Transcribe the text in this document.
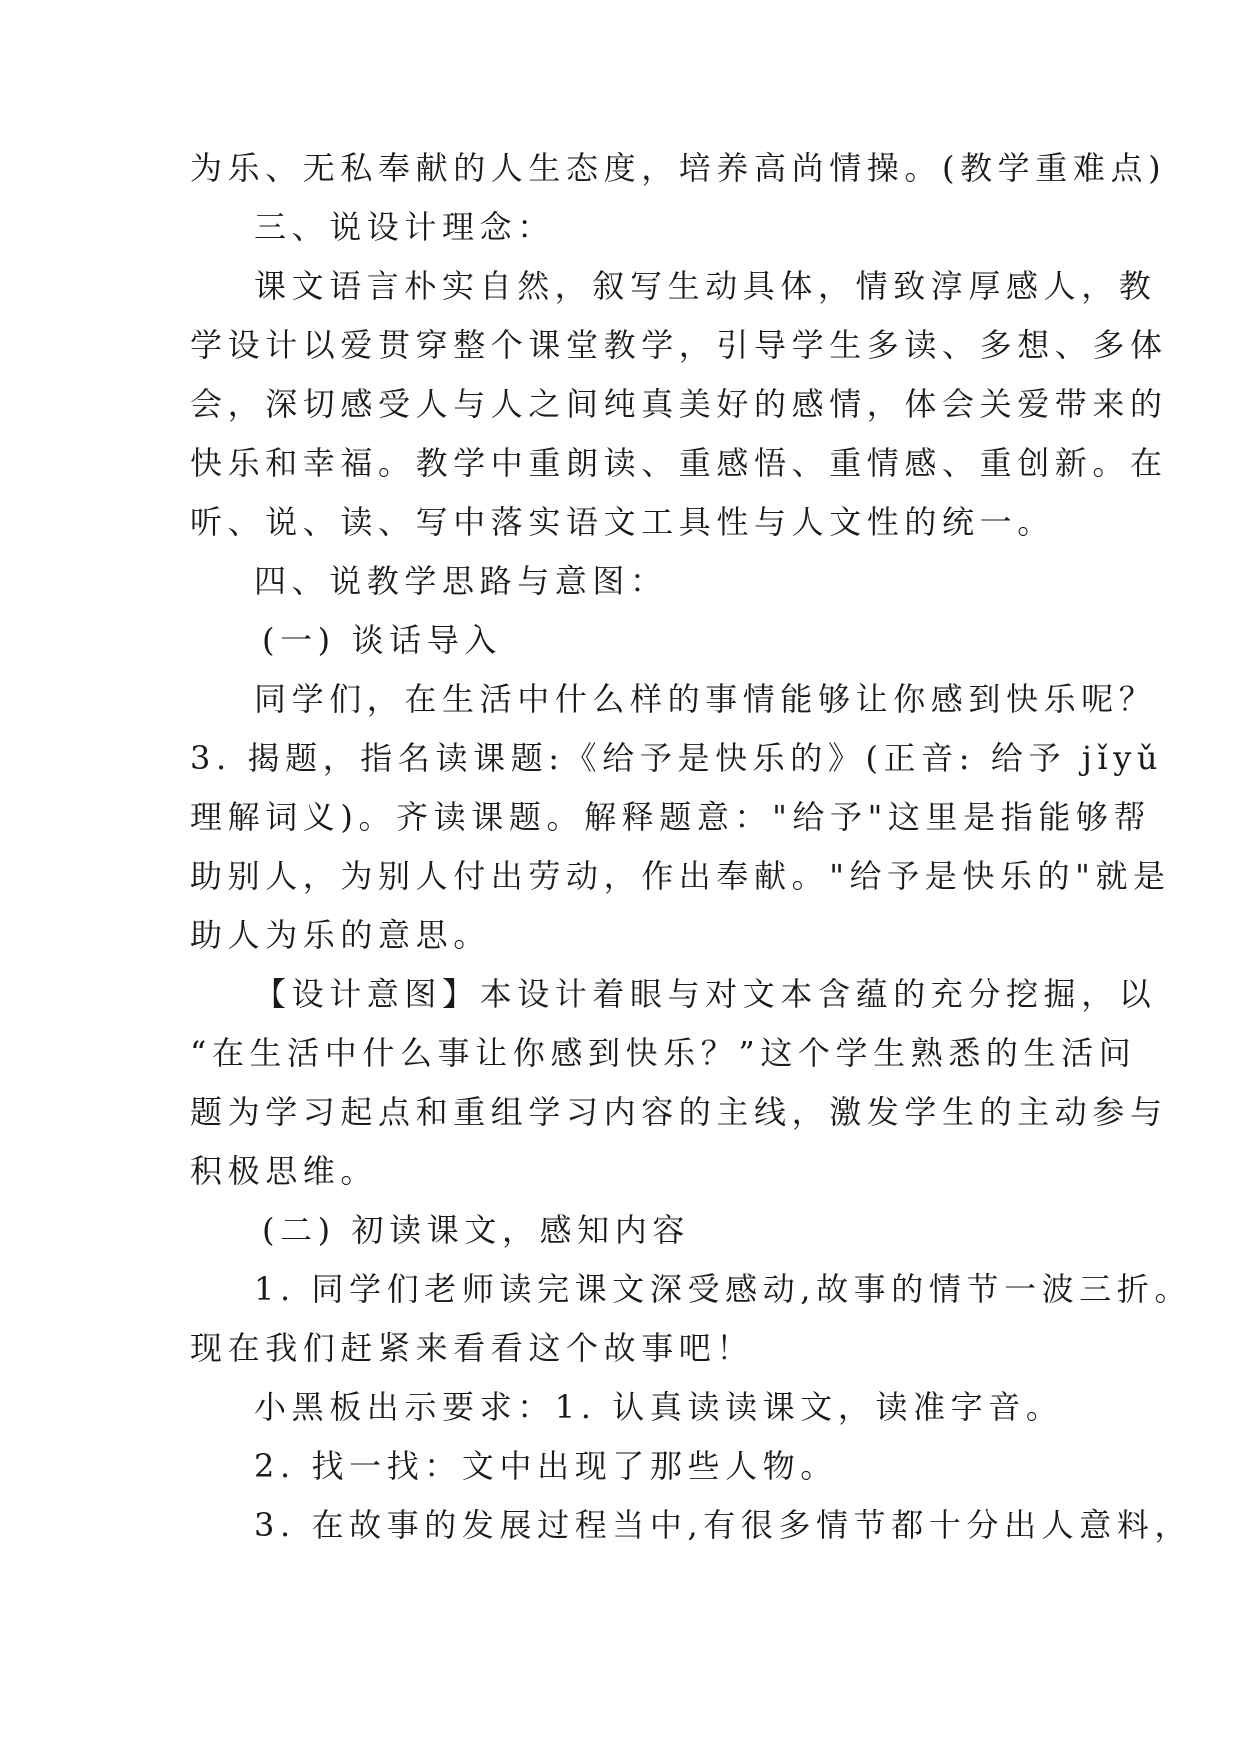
为乐、无私奉献的人生态度，培养高尚情操。(教学重难点)
三、说设计理念：
课文语言朴实自然，叙写生动具体，情致淳厚感人，教
学设计以爱贯穿整个课堂教学，引导学生多读、多想、多体
会，深切感受人与人之间纯真美好的感情，体会关爱带来的
快乐和幸福。教学中重朗读、重感悟、重情感、重创新。在
听、说、读、写中落实语文工具性与人文性的统一。
四、说教学思路与意图：
(一) 谈话导入
同学们，在生活中什么样的事情能够让你感到快乐呢？
3. 揭题，指名读课题:《给予是快乐的》(正音: 给予 jǐyǔ
理解词义)。齐读课题。解释题意："给予"这里是指能够帮
助别人，为别人付出劳动，作出奉献。"给予是快乐的"就是
助人为乐的意思。
【设计意图】本设计着眼与对文本含蕴的充分挖掘，以
“在生活中什么事让你感到快乐？”这个学生熟悉的生活问
题为学习起点和重组学习内容的主线，激发学生的主动参与
积极思维。
(二) 初读课文，感知内容
1. 同学们老师读完课文深受感动,故事的情节一波三折。
现在我们赶紧来看看这个故事吧！
小黑板出示要求：1. 认真读读课文，读准字音。
2. 找一找：文中出现了那些人物。
3. 在故事的发展过程当中,有很多情节都十分出人意料，
